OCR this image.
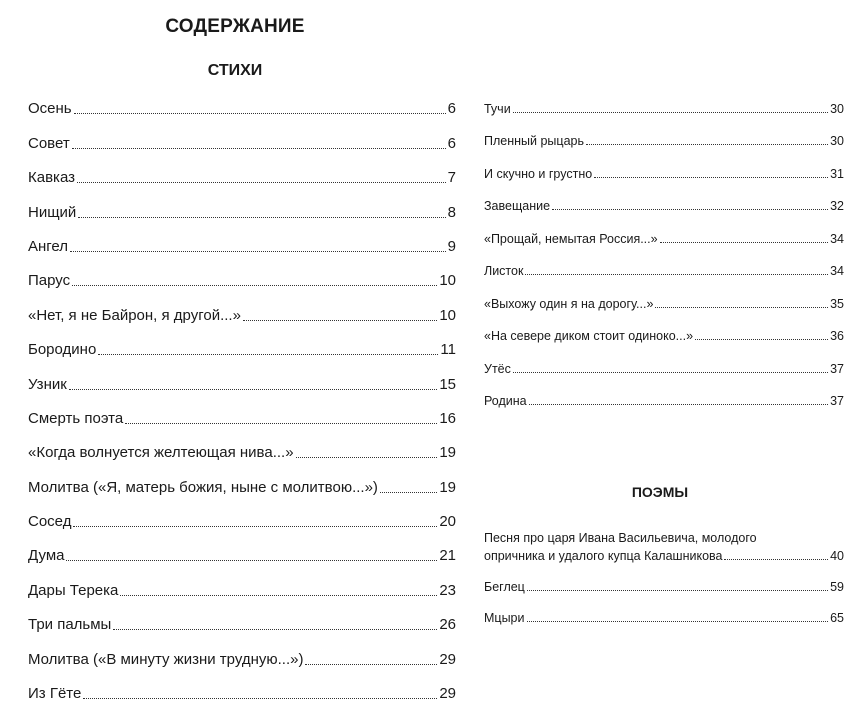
СОДЕРЖАНИЕ
СТИХИ
Осень	6
Совет	6
Кавказ	7
Нищий	8
Ангел	9
Парус	10
«Нет, я не Байрон, я другой...»	10
Бородино	11
Узник	15
Смерть поэта	16
«Когда волнуется желтеющая нива...»	19
Молитва («Я, матерь божия, ныне с молитвою...»)	19
Сосед	20
Дума	21
Дары Терека	23
Три пальмы	26
Молитва («В минуту жизни трудную...»)	29
Из Гёте	29
Тучи	30
Пленный рыцарь	30
И скучно и грустно	31
Завещание	32
«Прощай, немытая Россия...»	34
Листок	34
«Выхожу один я на дорогу...»	35
«На севере диком стоит одиноко...»	36
Утёс	37
Родина	37
ПОЭМЫ
Песня про царя Ивана Васильевича, молодого
опричника и удалого купца Калашникова	40
Беглец	59
Мцыри	65
